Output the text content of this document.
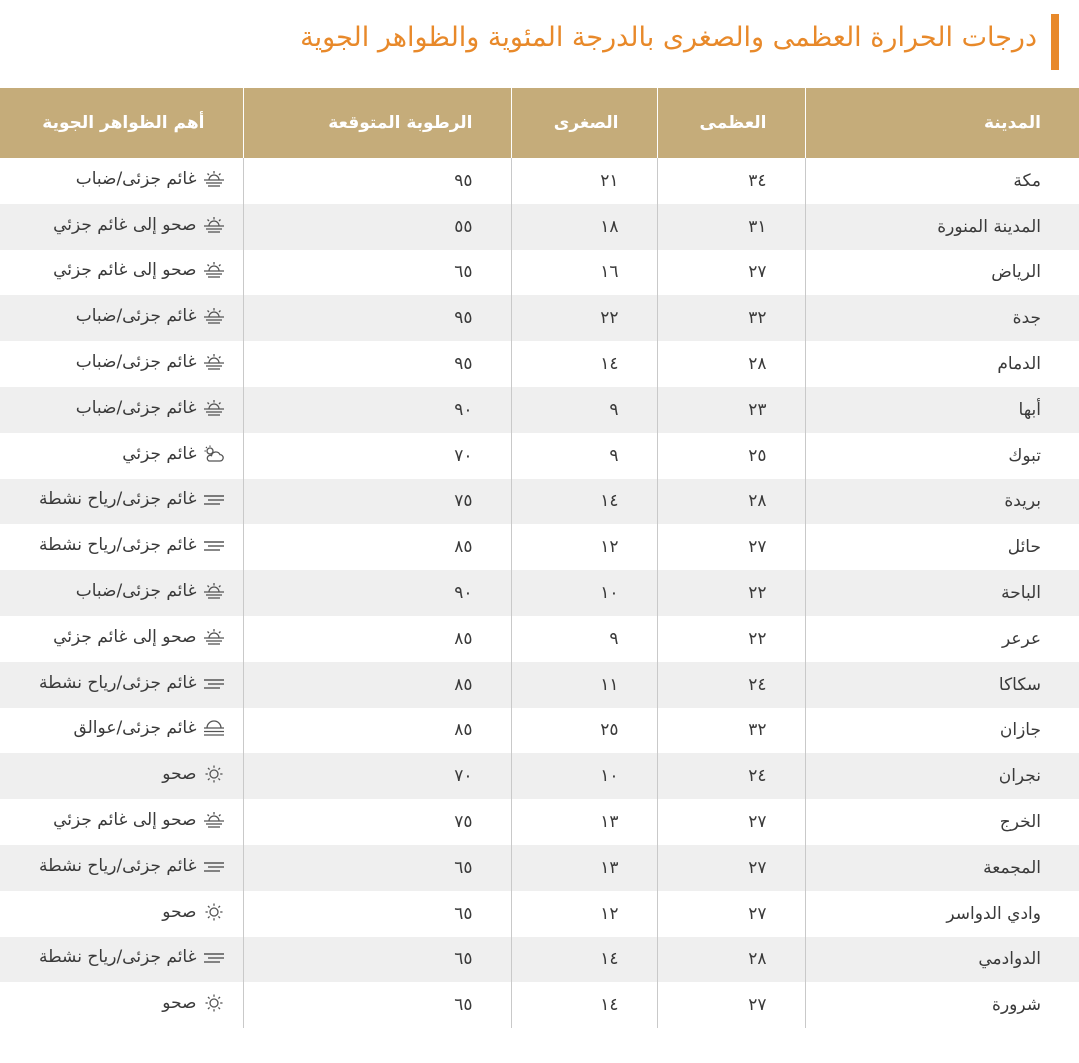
درجات الحرارة العظمى والصغرى بالدرجة المئوية والظواهر الجوية
المدينة	العظمى	الصغرى	الرطوبة المتوقعة	أهم الظواهر الجوية
مكة	٣٤	٢١	٩٥	غائم جزئى/ضباب

المدينة المنورة	٣١	١٨	٥٥	صحو إلى غائم جزئي

الرياض	٢٧	١٦	٦٥	صحو إلى غائم جزئي

جدة	٣٢	٢٢	٩٥	غائم جزئى/ضباب

الدمام	٢٨	١٤	٩٥	غائم جزئى/ضباب

أبها	٢٣	٩	٩٠	غائم جزئى/ضباب

تبوك	٢٥	٩	٧٠	غائم جزئي

بريدة	٢٨	١٤	٧٥	غائم جزئى/رياح نشطة

حائل	٢٧	١٢	٨٥	غائم جزئى/رياح نشطة

الباحة	٢٢	١٠	٩٠	غائم جزئى/ضباب

عرعر	٢٢	٩	٨٥	صحو إلى غائم جزئي

سكاكا	٢٤	١١	٨٥	غائم جزئى/رياح نشطة

جازان	٣٢	٢٥	٨٥	غائم جزئى/عوالق

نجران	٢٤	١٠	٧٠	صحو

الخرج	٢٧	١٣	٧٥	صحو إلى غائم جزئي

المجمعة	٢٧	١٣	٦٥	غائم جزئى/رياح نشطة

وادي الدواسر	٢٧	١٢	٦٥	صحو

الدوادمي	٢٨	١٤	٦٥	غائم جزئى/رياح نشطة

شرورة	٢٧	١٤	٦٥	صحو
